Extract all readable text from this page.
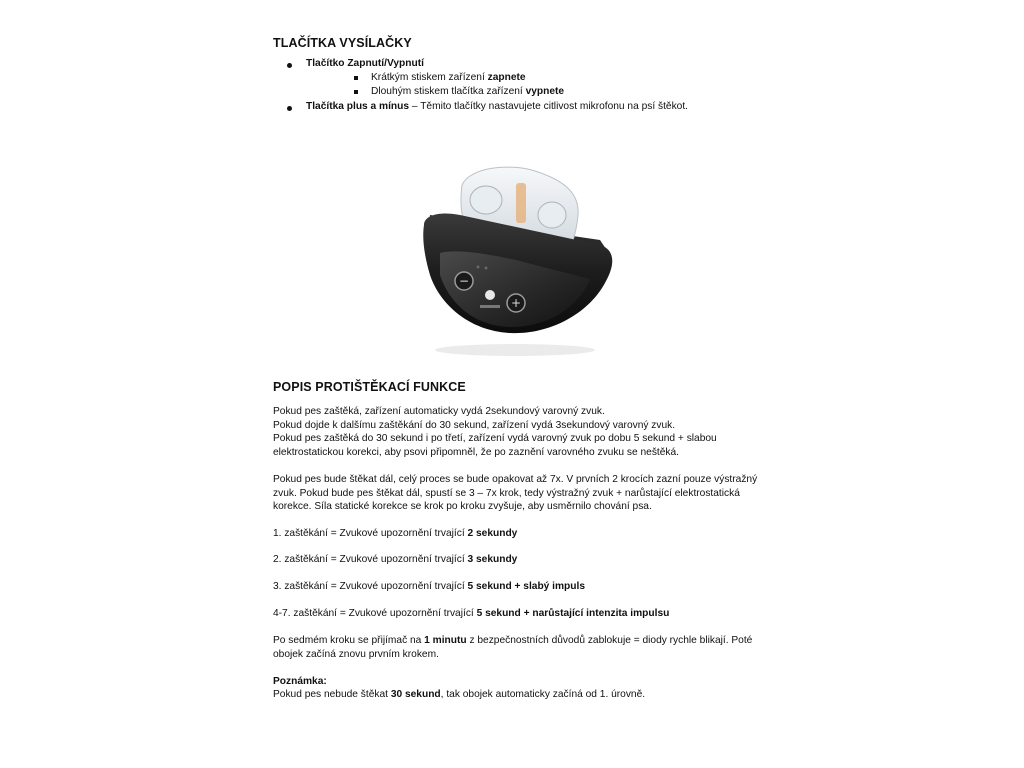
TLAČÍTKA VYSÍLAČKY
Tlačítko Zapnutí/Vypnutí
Krátkým stiskem zařízení zapnete
Dlouhým stiskem tlačítka zařízení vypnete
Tlačítka plus a mínus – Těmito tlačítky nastavujete citlivost mikrofonu na psí štěkot.
−
+
POPIS PROTIŠTĚKACÍ FUNKCE
Pokud pes zaštěká, zařízení automaticky vydá 2sekundový varovný zvuk.
Pokud dojde k dalšímu zaštěkání do 30 sekund, zařízení vydá 3sekundový varovný zvuk.
Pokud pes zaštěká do 30 sekund i po třetí, zařízení vydá varovný zvuk po dobu 5 sekund + slabou
elektrostatickou korekci, aby psovi připomněl, že po zaznění varovného zvuku se neštěká.
Pokud pes bude štěkat dál, celý proces se bude opakovat až 7x. V prvních 2 krocích zazní pouze výstražný
zvuk. Pokud bude pes štěkat dál, spustí se 3 – 7x krok, tedy výstražný zvuk + narůstající elektrostatická
korekce. Síla statické korekce se krok po kroku zvyšuje, aby usměrnilo chování psa.
1. zaštěkání = Zvukové upozornění trvající 2 sekundy
2. zaštěkání = Zvukové upozornění trvající 3 sekundy
3. zaštěkání = Zvukové upozornění trvající 5 sekund + slabý impuls
4-7. zaštěkání = Zvukové upozornění trvající 5 sekund + narůstající intenzita impulsu
Po sedmém kroku se přijímač na 1 minutu z bezpečnostních důvodů zablokuje = diody rychle blikají. Poté
obojek začíná znovu prvním krokem.
Poznámka:
Pokud pes nebude štěkat 30 sekund, tak obojek automaticky začíná od 1. úrovně.
